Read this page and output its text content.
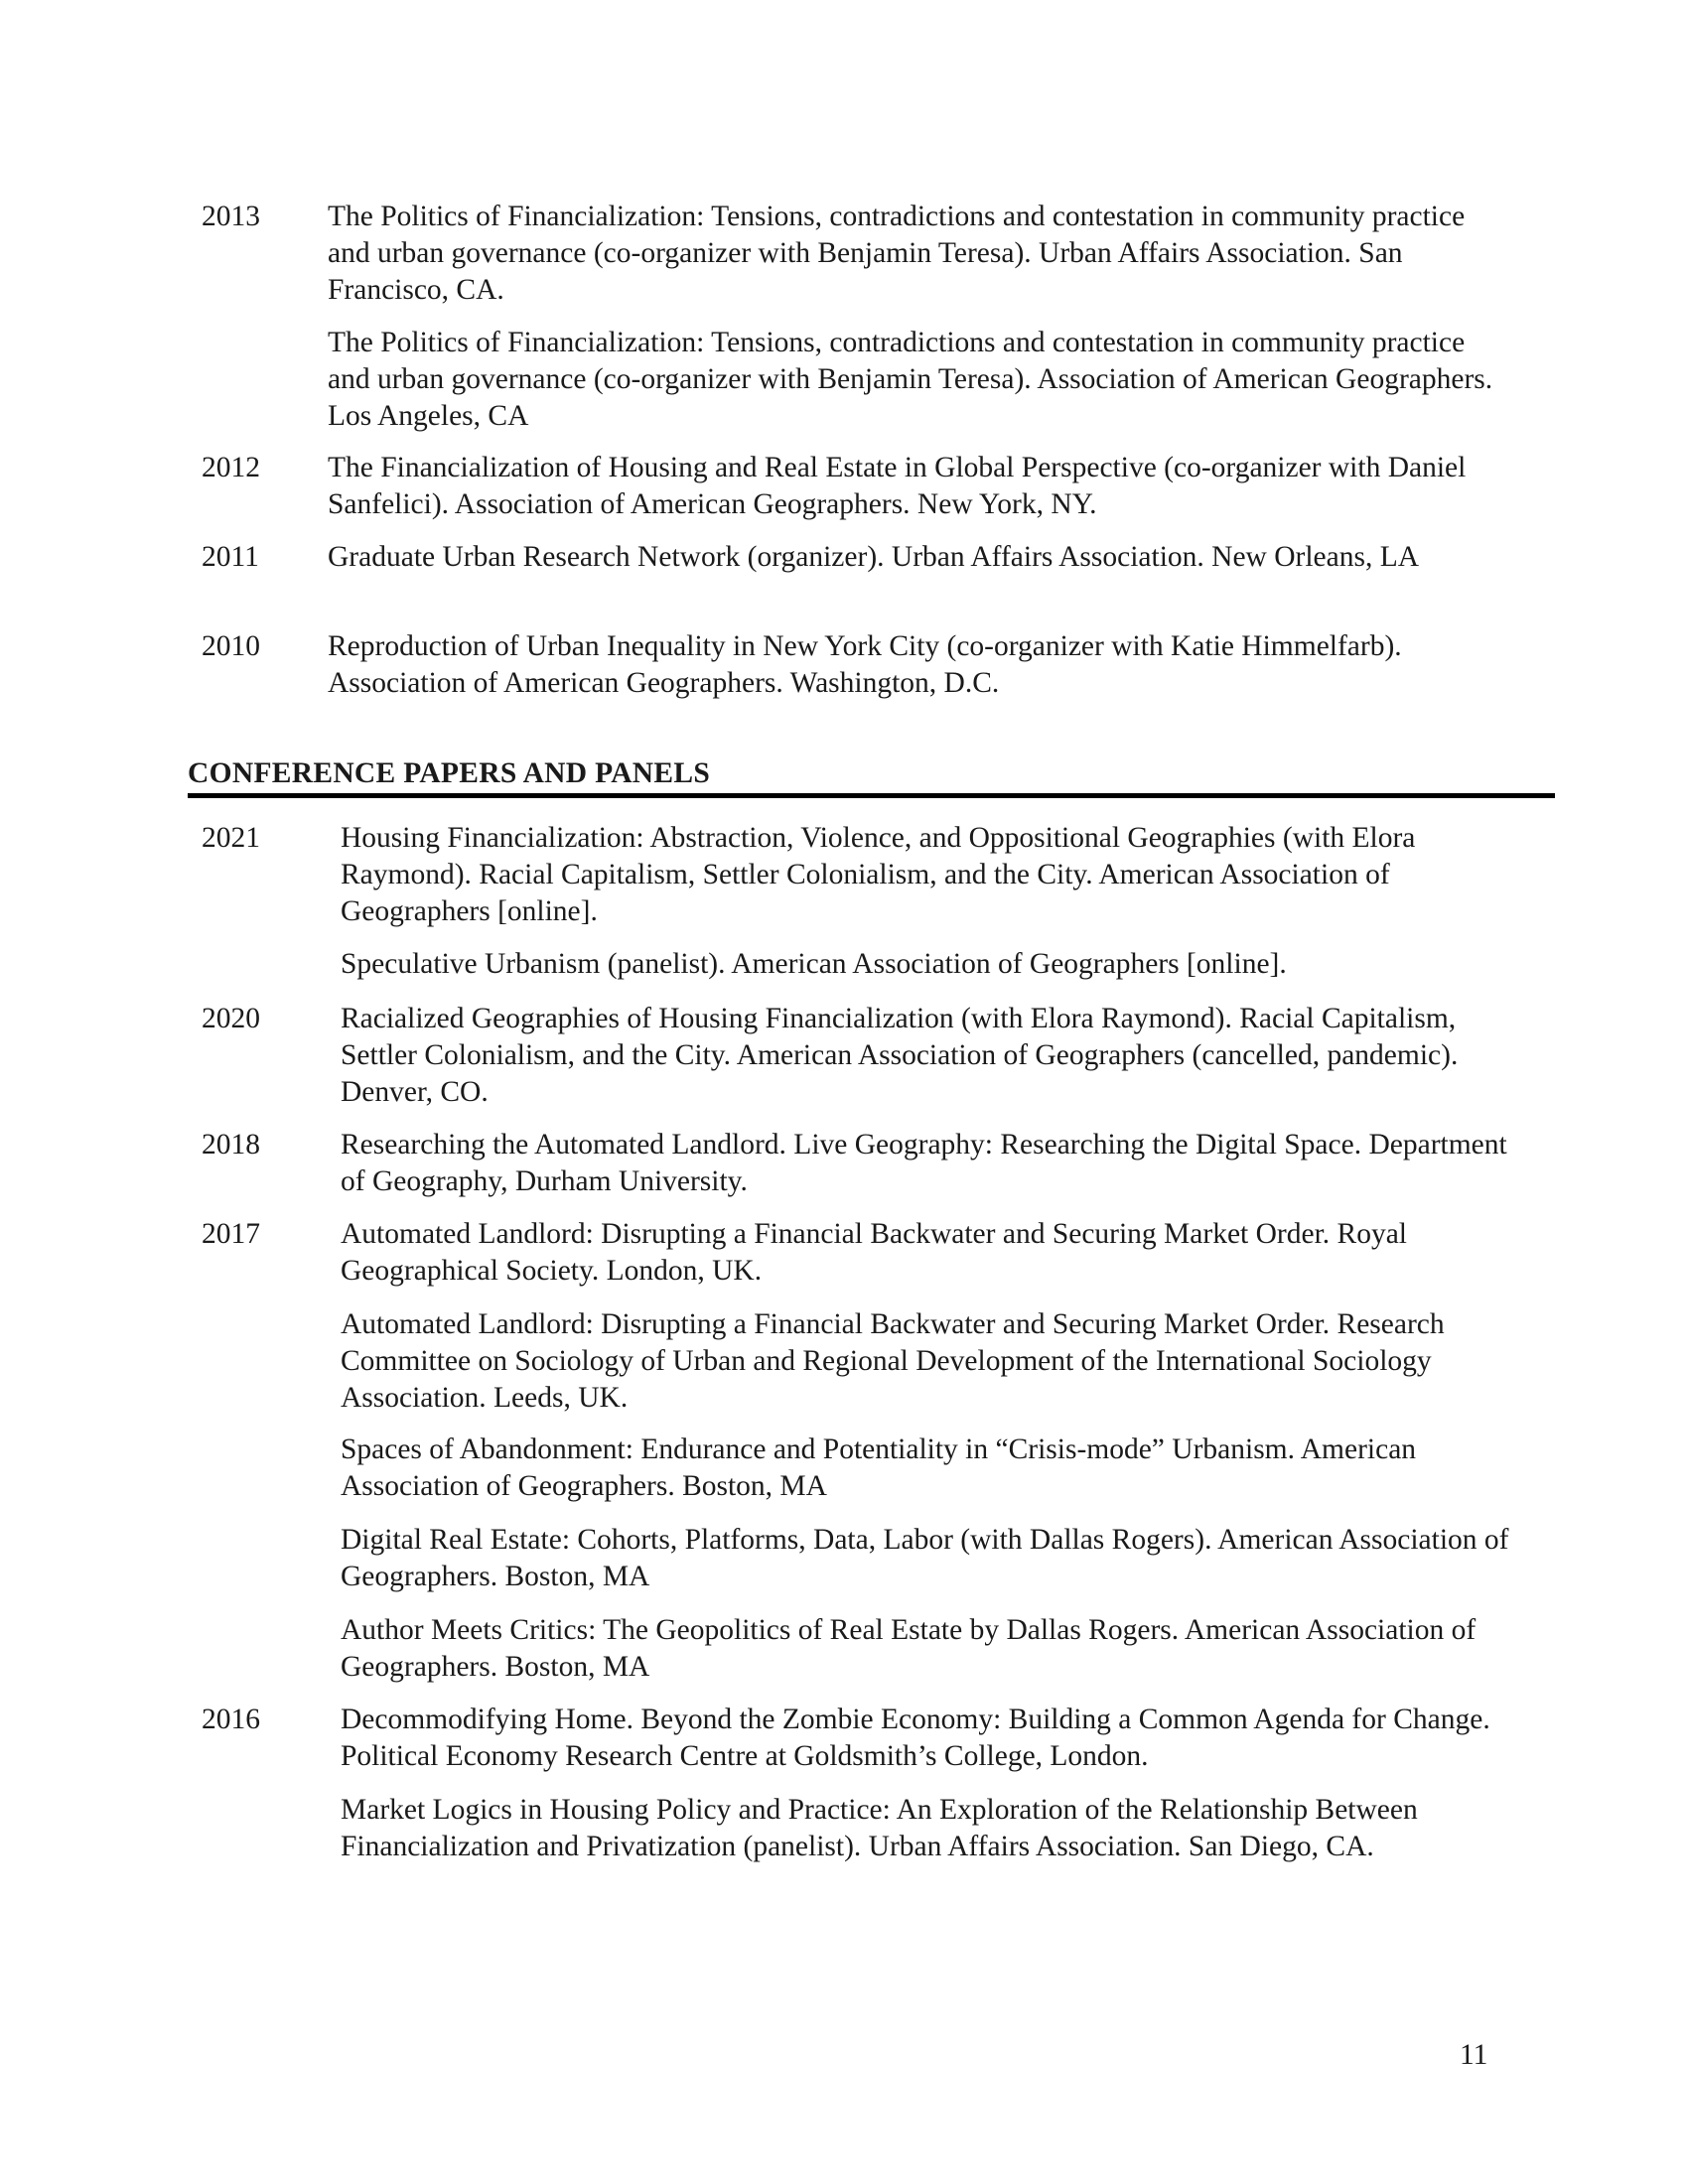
2013 The Politics of Financialization: Tensions, contradictions and contestation in community practice and urban governance (co-organizer with Benjamin Teresa). Urban Affairs Association. San Francisco, CA.
The Politics of Financialization: Tensions, contradictions and contestation in community practice and urban governance (co-organizer with Benjamin Teresa). Association of American Geographers. Los Angeles, CA
2012 The Financialization of Housing and Real Estate in Global Perspective (co-organizer with Daniel Sanfelici). Association of American Geographers. New York, NY.
2011 Graduate Urban Research Network (organizer). Urban Affairs Association. New Orleans, LA
2010 Reproduction of Urban Inequality in New York City (co-organizer with Katie Himmelfarb). Association of American Geographers. Washington, D.C.
CONFERENCE PAPERS AND PANELS
2021	Housing Financialization: Abstraction, Violence, and Oppositional Geographies (with Elora Raymond). Racial Capitalism, Settler Colonialism, and the City. American Association of Geographers [online].
Speculative Urbanism (panelist). American Association of Geographers [online].
2020	Racialized Geographies of Housing Financialization (with Elora Raymond). Racial Capitalism, Settler Colonialism, and the City. American Association of Geographers (cancelled, pandemic). Denver, CO.
2018	Researching the Automated Landlord. Live Geography: Researching the Digital Space. Department of Geography, Durham University.
2017	Automated Landlord: Disrupting a Financial Backwater and Securing Market Order. Royal Geographical Society. London, UK.
Automated Landlord: Disrupting a Financial Backwater and Securing Market Order. Research Committee on Sociology of Urban and Regional Development of the International Sociology Association. Leeds, UK.
Spaces of Abandonment: Endurance and Potentiality in “Crisis-mode” Urbanism. American Association of Geographers. Boston, MA
Digital Real Estate: Cohorts, Platforms, Data, Labor (with Dallas Rogers). American Association of Geographers. Boston, MA
Author Meets Critics: The Geopolitics of Real Estate by Dallas Rogers. American Association of Geographers. Boston, MA
2016	Decommodifying Home. Beyond the Zombie Economy: Building a Common Agenda for Change. Political Economy Research Centre at Goldsmith’s College, London.
Market Logics in Housing Policy and Practice: An Exploration of the Relationship Between Financialization and Privatization (panelist). Urban Affairs Association. San Diego, CA.
11
